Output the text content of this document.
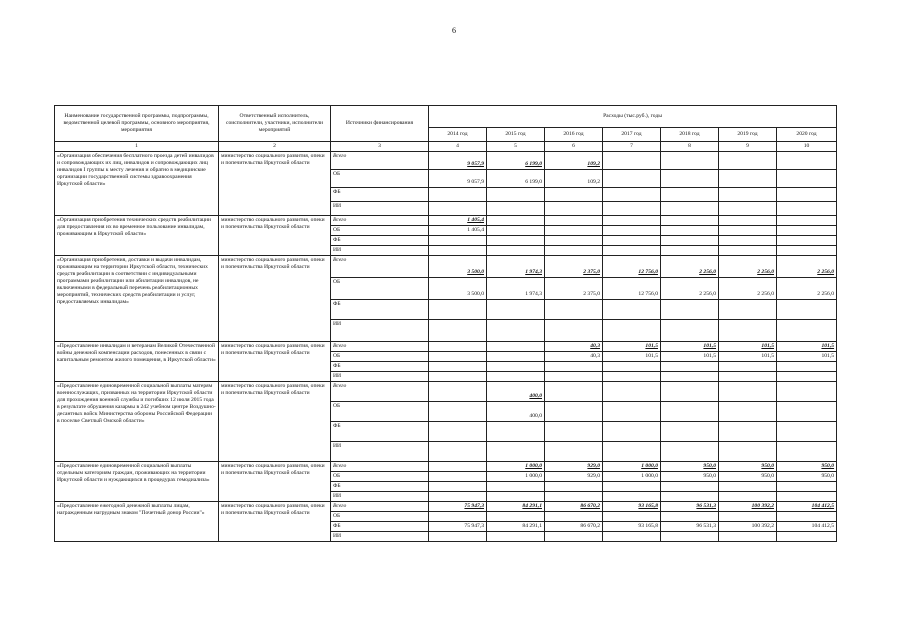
6
Наименование государственной программы, подпрограммы, ведомственной целевой программы, основного мероприятия, мероприятия	Ответственный исполнитель, соисполнители, участники, исполнители мероприятий	Источники финансирования	Расходы (тыс.руб.), годы						
			2014 год	2015 год	2016 год	2017 год	2018 год	2019 год	2020 год
1	2	3	4	5	6	7	8	9	10
«Организация обеспечения бесплатного проезда детей инвалидов и сопровождающих их лиц, инвалидов и сопровождающих лиц инвалидов I группы к месту лечения и обратно в медицинские организации государственной системы здравоохранения Иркутской области»	министерство социального развития, опеки и попечительства Иркутской области	Всего	9 057,9	6 199,0	109,2				
		ОБ	9 057,9	6 199,0	109,2				
		ФБ							
		ИИ							
«Организация приобретения технических средств реабилитации для предоставления их во временное пользование инвалидам, проживающим в Иркутской области»	министерство социального развития, опеки и попечительства Иркутской области	Всего	1 405,4						
		ОБ	1 405,4						
		ФБ							
		ИИ							
«Организация приобретения, доставки и выдачи инвалидам, проживающим на территории Иркутской области, технических средств реабилитации в соответствии с индивидуальными программами реабилитации или абилитации инвалидов, не включенными в федеральный перечень реабилитационных мероприятий, технических средств реабилитации и услуг, предоставляемых инвалидам»	министерство социального развития, опеки и попечительства Иркутской области	Всего	3 500,0	1 974,3	2 375,0	12 756,0	2 256,0	2 256,0	2 256,0
		ОБ	3 500,0	1 974,3	2 375,0	12 756,0	2 256,0	2 256,0	2 256,0
		ФБ							
		ИИ							
«Предоставление инвалидам и ветеранам Великой Отечественной войны денежной компенсации расходов, понесенных в связи с капитальным ремонтом жилого помещения, в Иркутской области»	министерство социального развития, опеки и попечительства Иркутской области	Всего			40,3	101,5	101,5	101,5	101,5
		ОБ			40,3	101,5	101,5	101,5	101,5
		ФБ							
		ИИ							
«Предоставление единовременной социальной выплаты матерям военнослужащих, призванных на территории Иркутской области для прохождения военной службы и погибших 12 июля 2015 года в результате обрушения казармы в 242 учебном центре Воздушно-десантных войск Министерства обороны Российской Федерации в поселке Светлый Омской области»	министерство социального развития, опеки и попечительства Иркутской области	Всего		400,0					
		ОБ		400,0					
		ФБ							
		ИИ							
«Предоставление единовременной социальной выплаты отдельным категориям граждан, проживающих на территории Иркутской области и нуждающихся в процедурах гемодиализа»	министерство социального развития, опеки и попечительства Иркутской области	Всего		1 000,0	929,0	1 000,0	950,0	950,0	950,0
		ОБ		1 000,0	929,0	1 000,0	950,0	950,0	950,0
		ФБ							
		ИИ							
«Предоставление ежегодной денежной выплаты лицам, награжденным нагрудным знаком "Почетный донор России"»	министерство социального развития, опеки и попечительства Иркутской области	Всего	75 947,3	84 291,1	86 670,2	93 165,8	96 531,3	100 392,2	104 412,5
		ОБ							
		ФБ	75 947,3	84 291,1	86 670,2	93 165,8	96 531,3	100 392,2	104 412,5
		ИИ							
